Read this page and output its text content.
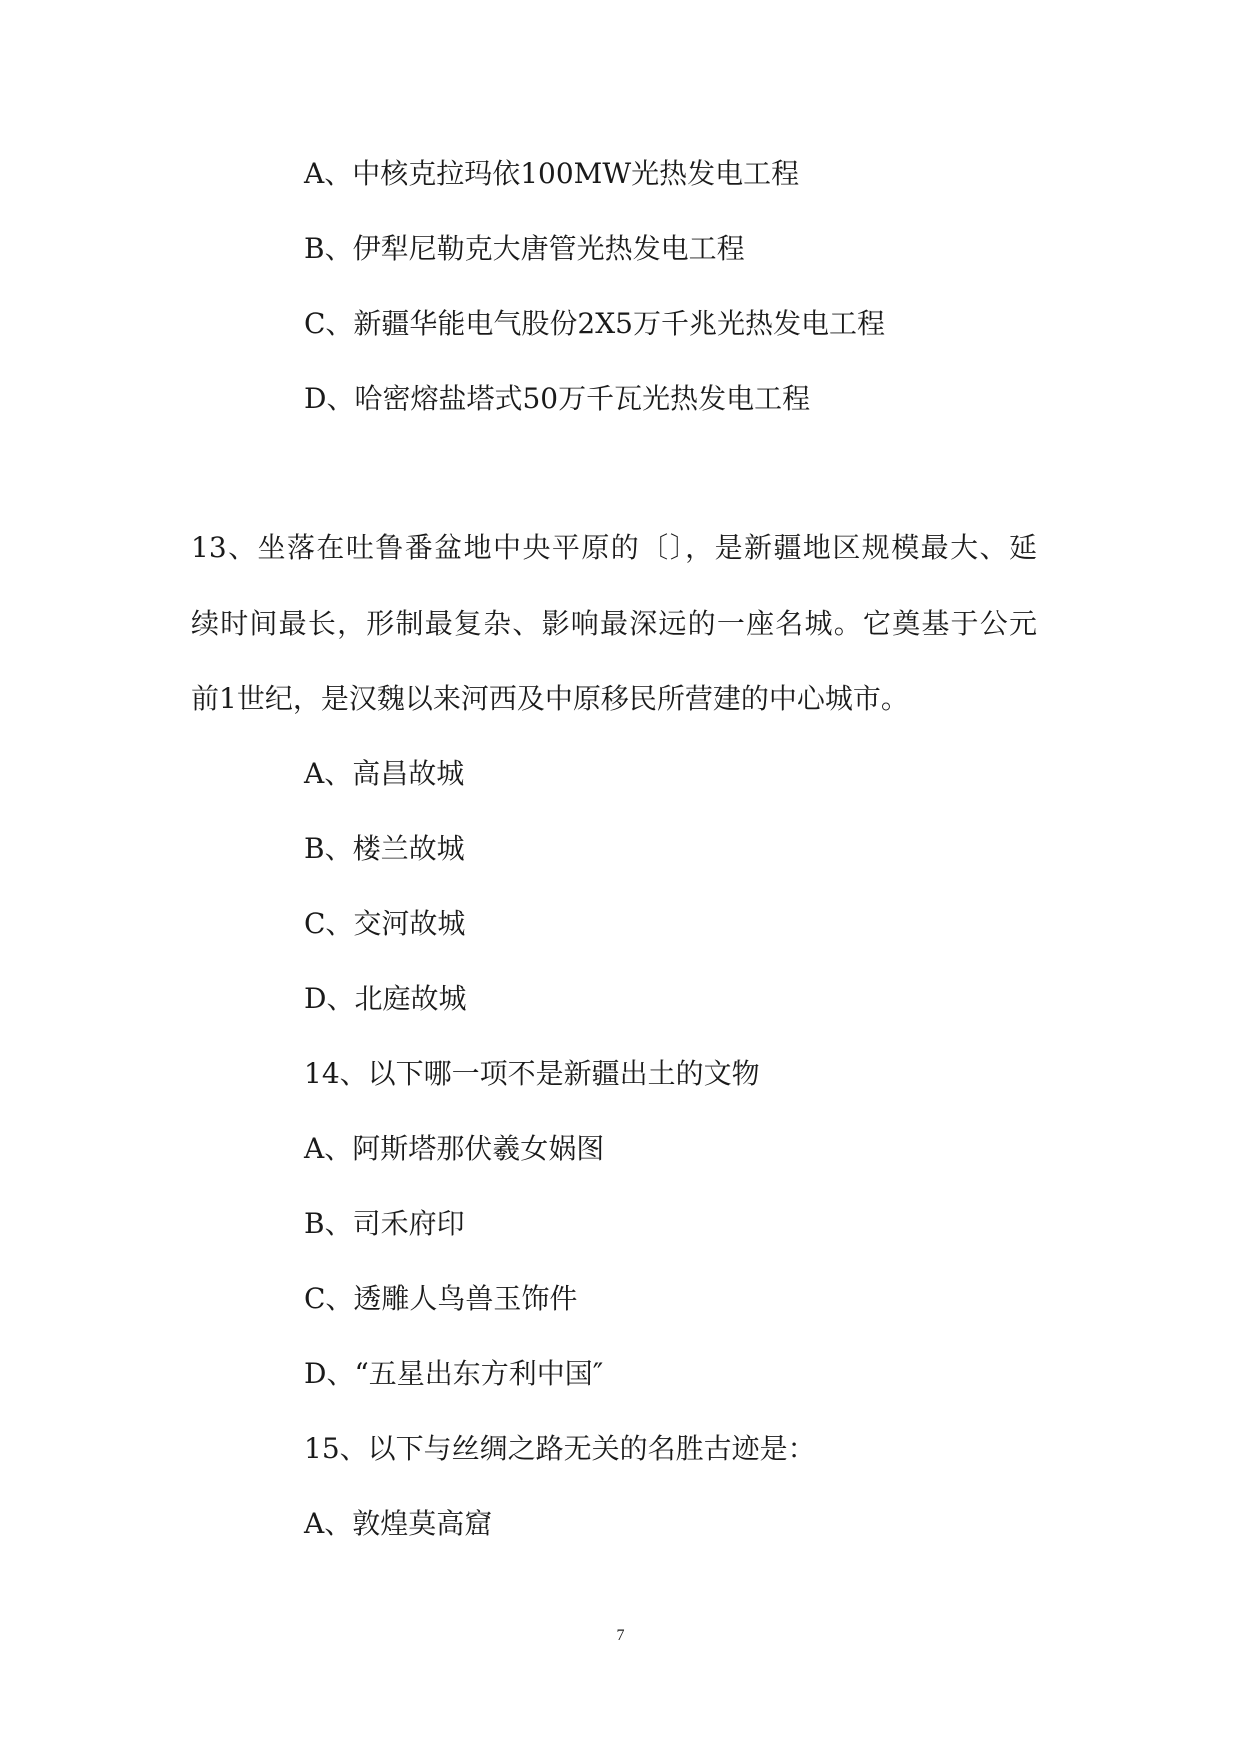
A、中核克拉玛依100MW光热发电工程
B、伊犁尼勒克大唐管光热发电工程
C、新疆华能电气股份2X5万千兆光热发电工程
D、哈密熔盐塔式50万千瓦光热发电工程
13、坐落在吐鲁番盆地中央平原的〔〕，是新疆地区规模最大、延
续时间最长，形制最复杂、影响最深远的一座名城。它奠基于公元
前1世纪，是汉魏以来河西及中原移民所营建的中心城市。
A、高昌故城
B、楼兰故城
C、交河故城
D、北庭故城
14、以下哪一项不是新疆出土的文物
A、阿斯塔那伏羲女娲图
B、司禾府印
C、透雕人鸟兽玉饰件
D、“五星出东方利中国″
15、以下与丝绸之路无关的名胜古迹是：
A、敦煌莫高窟
7
